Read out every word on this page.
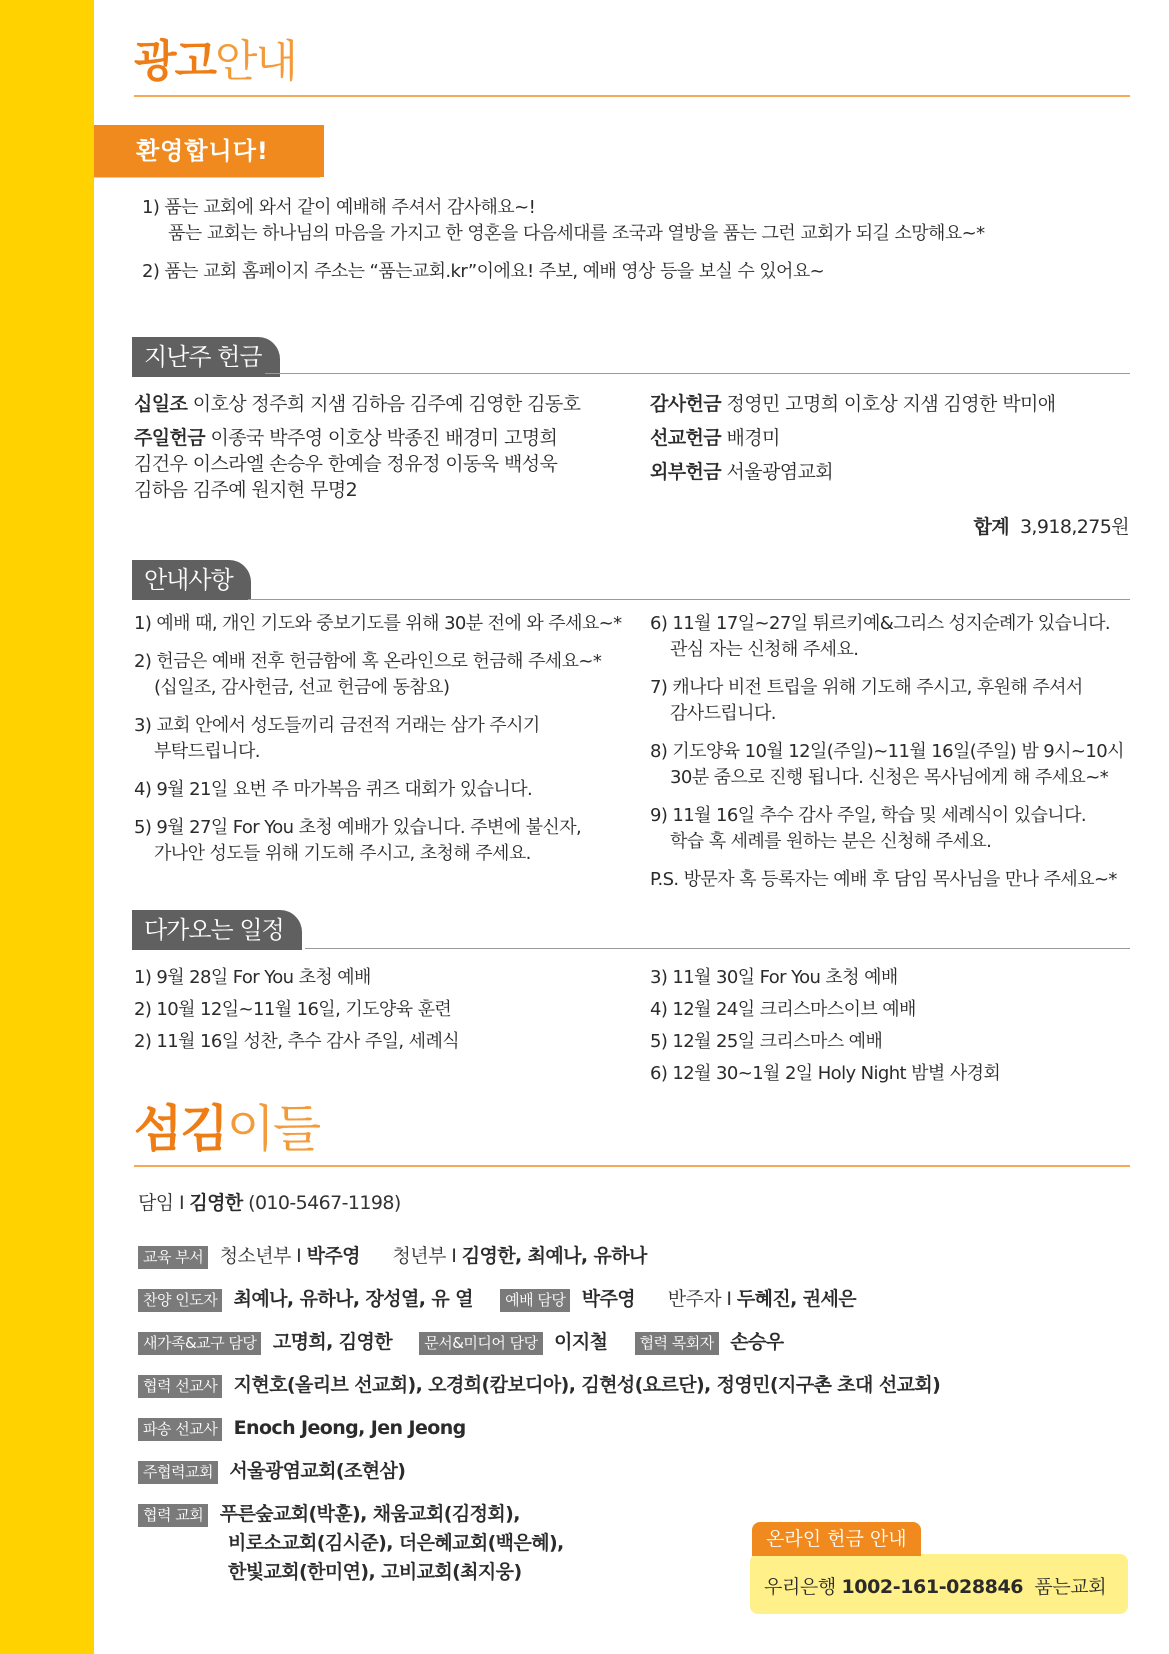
광고안내
환영합니다!
1) 품는 교회에 와서 같이 예배해 주셔서 감사해요~!
품는 교회는 하나님의 마음을 가지고 한 영혼을 다음세대를 조국과 열방을 품는 그런 교회가 되길 소망해요~*
2) 품는 교회 홈페이지 주소는 “품는교회.kr”이에요! 주보, 예배 영상 등을 보실 수 있어요~
지난주 헌금
십일조 이호상 정주희 지샘 김하음 김주예 김영한 김동호
주일헌금 이종국 박주영 이호상 박종진 배경미 고명희
김건우 이스라엘 손승우 한예슬 정유정 이동욱 백성욱
김하음 김주예 원지현 무명2
감사헌금 정영민 고명희 이호상 지샘 김영한 박미애
선교헌금 배경미
외부헌금 서울광염교회
합계 3,918,275원
안내사항
1) 예배 때, 개인 기도와 중보기도를 위해 30분 전에 와 주세요~*
2) 헌금은 예배 전후 헌금함에 혹 온라인으로 헌금해 주세요~*
(십일조, 감사헌금, 선교 헌금에 동참요)
3) 교회 안에서 성도들끼리 금전적 거래는 삼가 주시기
부탁드립니다.
4) 9월 21일 요번 주 마가복음 퀴즈 대회가 있습니다.
5) 9월 27일 For You 초청 예배가 있습니다. 주변에 불신자,
가나안 성도들 위해 기도해 주시고, 초청해 주세요.
6) 11월 17일~27일 튀르키예&그리스 성지순례가 있습니다.
관심 자는 신청해 주세요.
7) 캐나다 비전 트립을 위해 기도해 주시고, 후원해 주셔서
감사드립니다.
8) 기도양육 10월 12일(주일)~11월 16일(주일) 밤 9시~10시
30분 줌으로 진행 됩니다. 신청은 목사님에게 해 주세요~*
9) 11월 16일 추수 감사 주일, 학습 및 세례식이 있습니다.
학습 혹 세례를 원하는 분은 신청해 주세요.
P.S. 방문자 혹 등록자는 예배 후 담임 목사님을 만나 주세요~*
다가오는 일정
1) 9월 28일 For You 초청 예배
2) 10월 12일~11월 16일, 기도양육 훈련
2) 11월 16일 성찬, 추수 감사 주일, 세례식
3) 11월 30일 For You 초청 예배
4) 12월 24일 크리스마스이브 예배
5) 12월 25일 크리스마스 예배
6) 12월 30~1월 2일 Holy Night 밤별 사경회
섬김이들
담임 I 김영한 (010-5467-1198)
교육 부서 청소년부 I 박주영 청년부 I 김영한, 최예나, 유하나
찬양 인도자 최예나, 유하나, 장성열, 유 열 예배 담당 박주영 반주자 I 두혜진, 권세은
새가족&교구 담당 고명희, 김영한 문서&미디어 담당 이지철 협력 목회자 손승우
협력 선교사 지현호(올리브 선교회), 오경희(캄보디아), 김현성(요르단), 정영민(지구촌 초대 선교회)
파송 선교사 Enoch Jeong, Jen Jeong
주협력교회 서울광염교회(조현삼)
협력 교회 푸른숲교회(박훈), 채움교회(김정회),
비로소교회(김시준), 더은혜교회(백은혜),
한빛교회(한미연), 고비교회(최지웅)
온라인 헌금 안내
우리은행 1002-161-028846 품는교회
